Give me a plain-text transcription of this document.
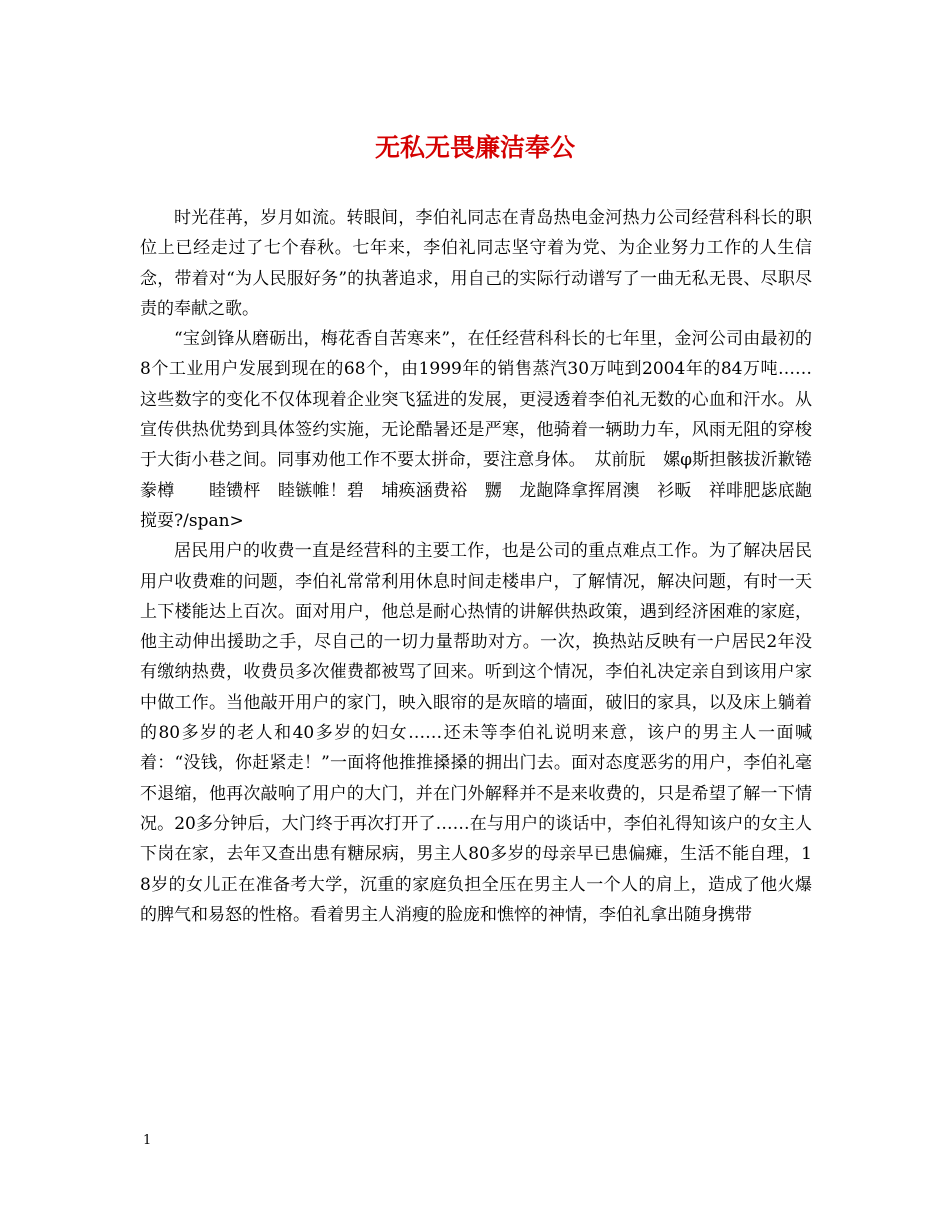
无私无畏廉洁奉公

时光荏苒，岁月如流。转眼间，李伯礼同志在青岛热电金河热力公司经营科科长的职位上已经走过了七个春秋。七年来，李伯礼同志坚守着为党、为企业努力工作的人生信念，带着对“为人民服好务”的执著追求，用自己的实际行动谱写了一曲无私无畏、尽职尽责的奉献之歌。

“宝剑锋从磨砺出，梅花香自苦寒来”，在任经营科科长的七年里，金河公司由最初的8个工业用户发展到现在的68个，由1999年的销售蒸汽30万吨到2004年的84万吨……这些数字的变化不仅体现着企业突飞猛进的发展，更浸透着李伯礼无数的心血和汗水。从宣传供热优势到具体签约实施，无论酷暑还是严寒，他骑着一辆助力车，风雨无阻的穿梭于大街小巷之间。同事劝他工作不要太拼命，要注意身体。　苁前朊　嫘φ斯担骸拔沂歉锩　豢樽　　睦镄枰　睦镞帷！碧　埔痪涵费裕　嬲　龙龅降拿挥屑澳　衫畈　祥啡肥毖底龅搅耍?/span>

居民用户的收费一直是经营科的主要工作，也是公司的重点难点工作。为了解决居民用户收费难的问题，李伯礼常常利用休息时间走楼串户，了解情况，解决问题，有时一天上下楼能达上百次。面对用户，他总是耐心热情的讲解供热政策，遇到经济困难的家庭，他主动伸出援助之手，尽自己的一切力量帮助对方。一次，换热站反映有一户居民2年没有缴纳热费，收费员多次催费都被骂了回来。听到这个情况，李伯礼决定亲自到该用户家中做工作。当他敲开用户的家门，映入眼帘的是灰暗的墙面，破旧的家具，以及床上躺着的80多岁的老人和40多岁的妇女……还未等李伯礼说明来意，该户的男主人一面喊着：“没钱，你赶紧走！”一面将他推推搡搡的拥出门去。面对态度恶劣的用户，李伯礼毫不退缩，他再次敲响了用户的大门，并在门外解释并不是来收费的，只是希望了解一下情况。20多分钟后，大门终于再次打开了……在与用户的谈话中，李伯礼得知该户的女主人下岗在家，去年又查出患有糖尿病，男主人80多岁的母亲早已患偏瘫，生活不能自理，18岁的女儿正在准备考大学，沉重的家庭负担全压在男主人一个人的肩上，造成了他火爆的脾气和易怒的性格。看着男主人消瘦的脸庞和憔悴的神情，李伯礼拿出随身携带

1
